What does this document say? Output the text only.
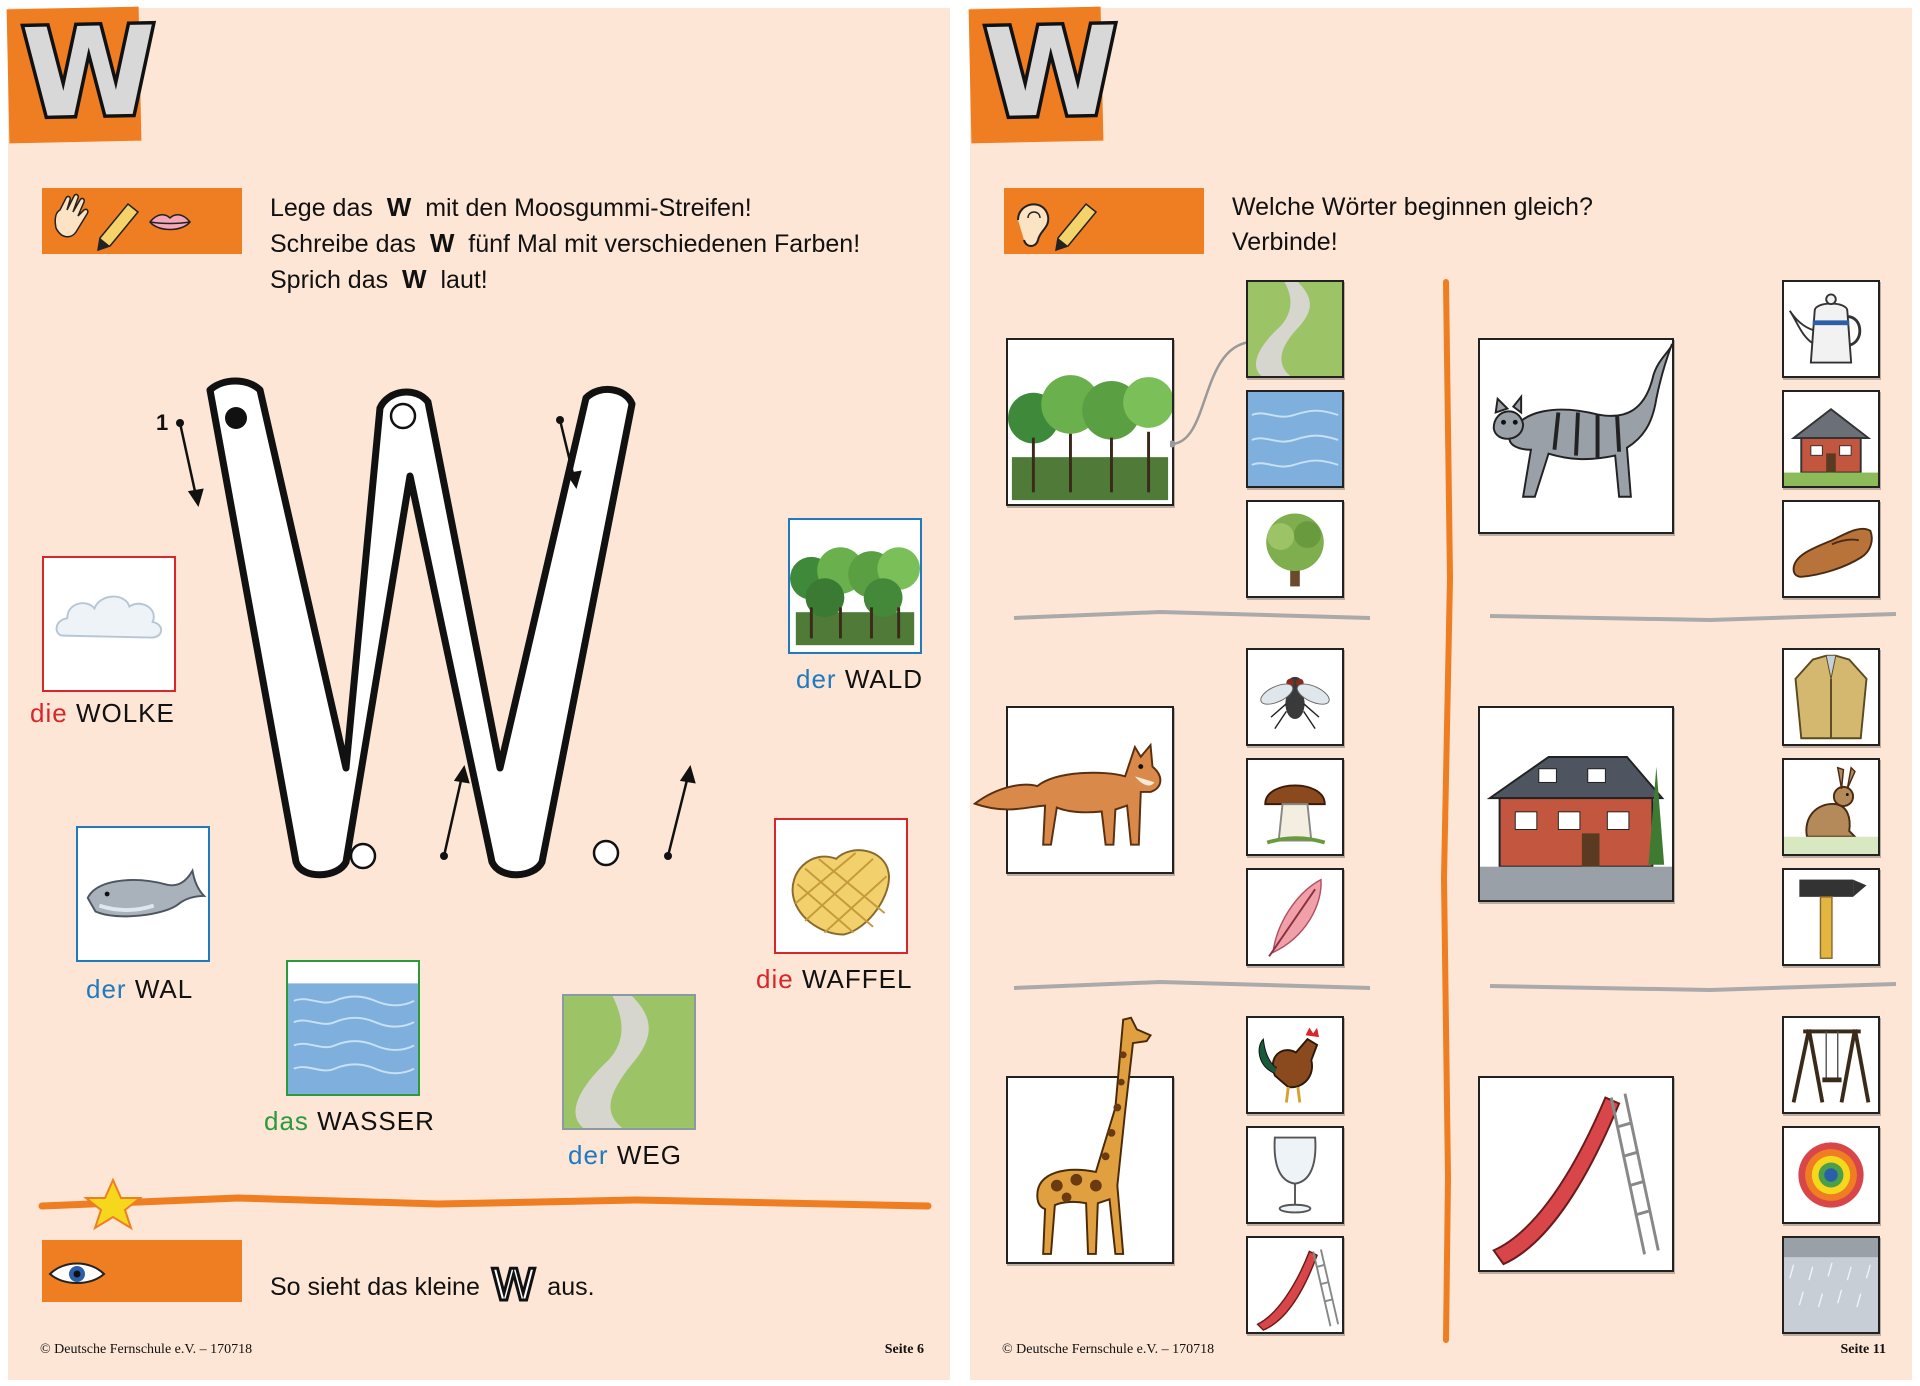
W
Lege das W mit den Moosgummi-Streifen!
Schreibe das W fünf Mal mit verschiedenen Farben!
Sprich das W laut!
1
die WOLKE
der WALD
der WAL	die WAFFEL
das WASSER
der WEG
So sieht das kleine w aus.
© Deutsche Fernschule e.V. – 170718	Seite 6
W
Welche Wörter beginnen gleich?
Verbinde!
© Deutsche Fernschule e.V. – 170718	Seite 11
